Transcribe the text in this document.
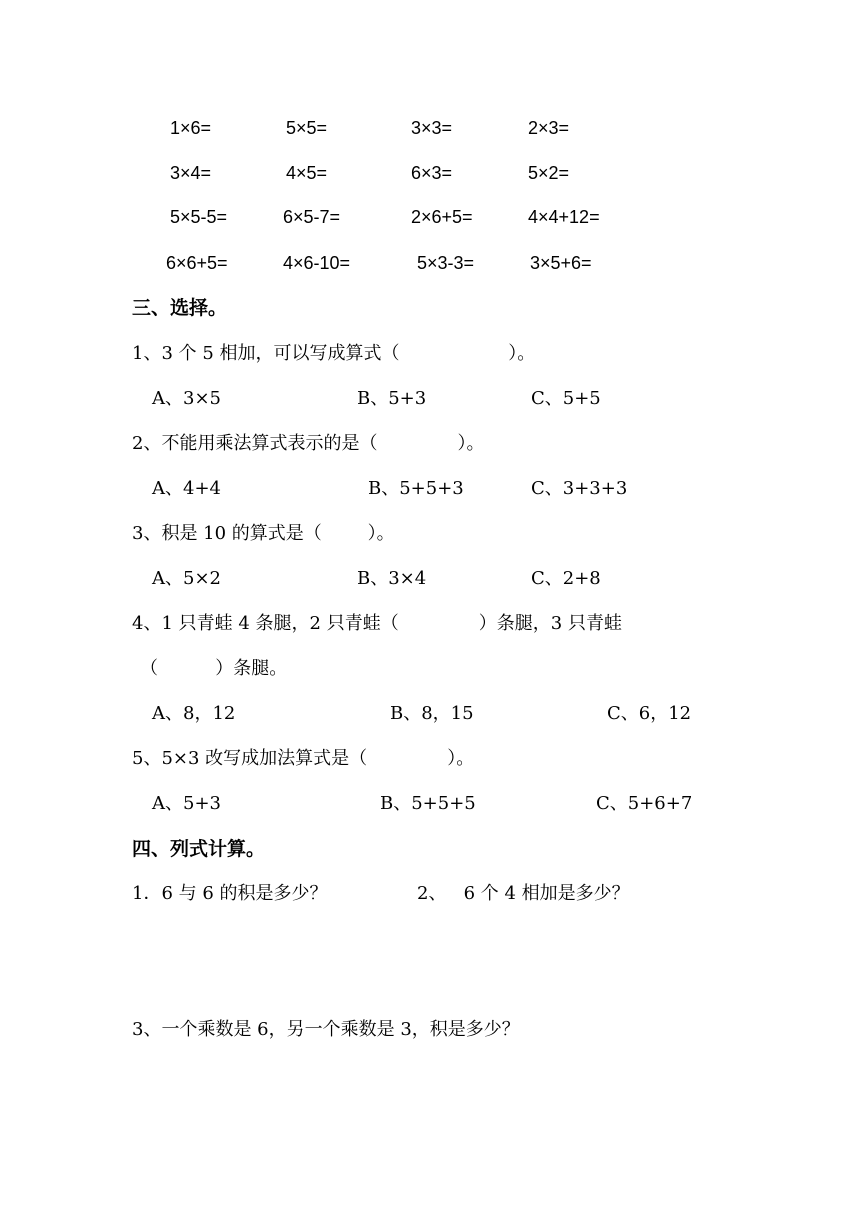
1×6=	5×5=	3×3=	2×3=
3×4=	4×5=	6×3=	5×2=
5×5-5=	6×5-7=	2×6+5=	4×4+12=
6×6+5=	4×6-10=	5×3-3=	3×5+6=
三、选择。
1、3 个 5 相加，可以写成算式（                   ）。
A、3×5	B、5+3	C、5+5
2、不能用乘法算式表示的是（              ）。
A、4+4	B、5+5+3	C、3+3+3
3、积是 10 的算式是（        ）。
A、5×2	B、3×4	C、2+8
4、1 只青蛙 4 条腿，2 只青蛙（              ）条腿，3 只青蛙
（          ）条腿。
A、8，12	B、8，15	C、6，12
5、5×3 改写成加法算式是（              ）。
A、5+3	B、5+5+5	C、5+6+7
四、列式计算。
1．6 与 6 的积是多少？	2、   6 个 4 相加是多少？
3、一个乘数是 6，另一个乘数是 3，积是多少？
